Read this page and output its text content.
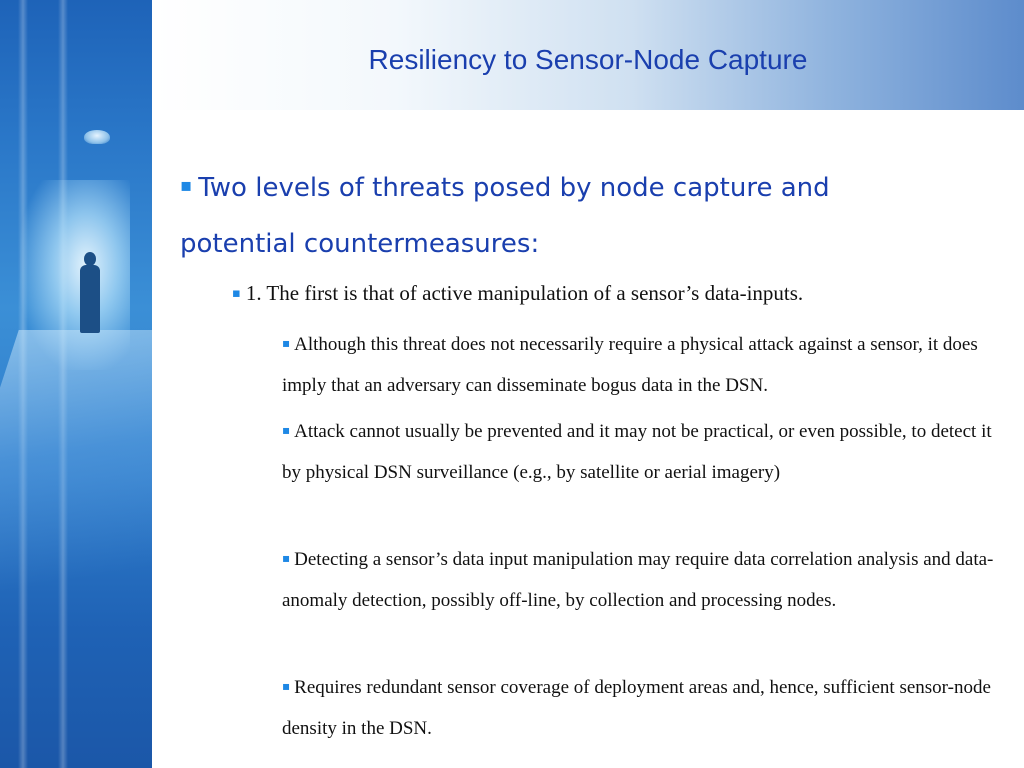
Resiliency to Sensor-Node Capture
▪ Two levels of threats posed by node capture and potential countermeasures:
▪ 1. The first is that of active manipulation of a sensor’s data-inputs.
▪ Although this threat does not necessarily require a physical attack against a sensor, it does imply that an adversary can disseminate bogus data in the DSN.
▪ Attack cannot usually be prevented and it may not be practical, or even possible, to detect it by physical DSN surveillance (e.g., by satellite or aerial imagery)
▪ Detecting a sensor’s data input manipulation may require data correlation analysis and data-anomaly detection, possibly off-line, by collection and processing nodes.
▪ Requires redundant sensor coverage of deployment areas and, hence, sufficient sensor-node density in the DSN.
